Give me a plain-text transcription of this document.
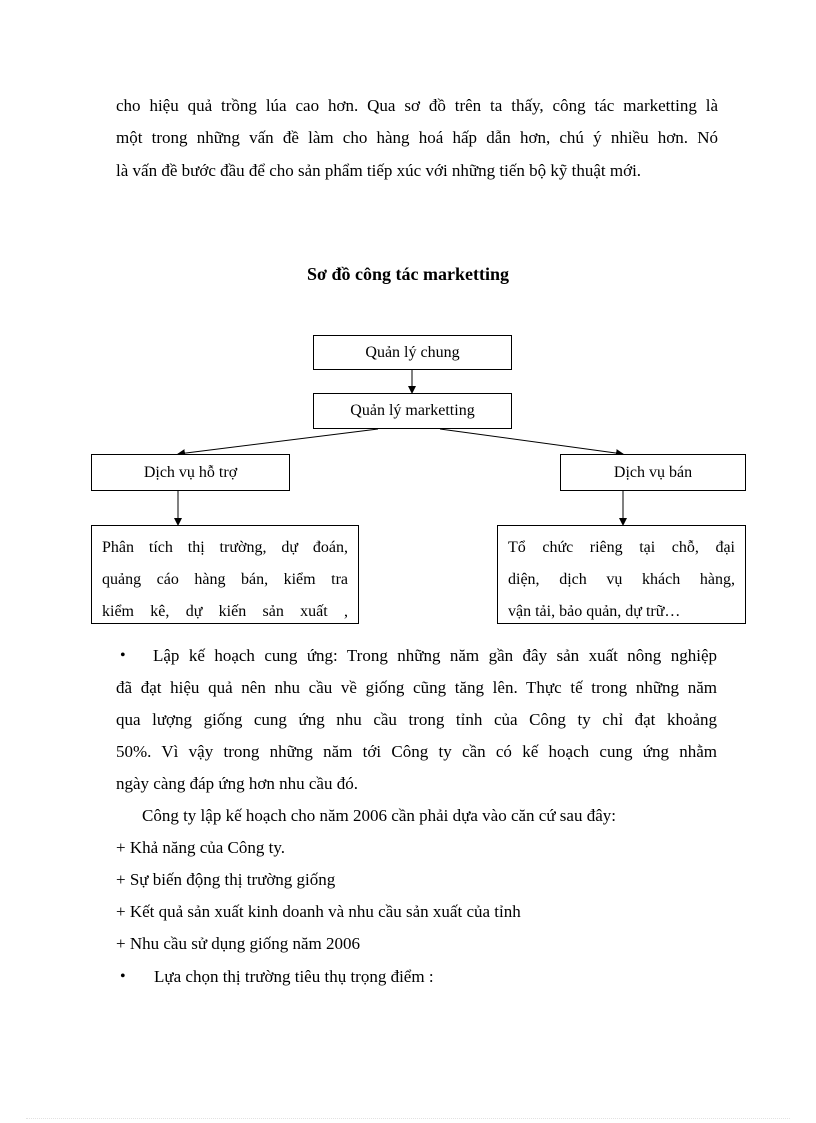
cho hiệu quả trồng lúa cao hơn. Qua sơ đồ trên ta thấy, công tác marketting là
một trong những vấn đề làm cho hàng hoá hấp dẫn hơn, chú ý nhiều hơn. Nó
là vấn đề bước đầu để cho sản phẩm tiếp xúc với những tiến bộ kỹ thuật mới.
Sơ đồ công tác marketting
Quản lý chung
Quản lý marketting
Dịch vụ hỗ trợ	Dịch vụ bán
Phân tích thị trường, dự đoán,
quảng cáo hàng bán, kiểm tra
kiểm kê, dự kiến sản xuất ,
Tổ chức riêng tại chỗ, đại
diện, dịch vụ khách hàng,
vận tải, bảo quản, dự trữ…
• Lập kế hoạch cung ứng: Trong những năm gần đây sản xuất nông nghiệp
đã đạt hiệu quả nên nhu cầu về giống cũng tăng lên. Thực tế trong những năm
qua lượng giống cung ứng nhu cầu trong tỉnh của Công ty chỉ đạt khoảng
50%. Vì vậy trong những năm tới Công ty cần có kế hoạch cung ứng nhằm
ngày càng đáp ứng hơn nhu cầu đó.
Công ty lập kế hoạch cho năm 2006 cần phải dựa vào căn cứ sau đây:
+ Khả năng của Công ty.
+ Sự biến động thị trường giống
+ Kết quả sản xuất kinh doanh và nhu cầu sản xuất của tỉnh
+ Nhu cầu sử dụng giống năm 2006
• Lựa chọn thị trường tiêu thụ trọng điểm :
